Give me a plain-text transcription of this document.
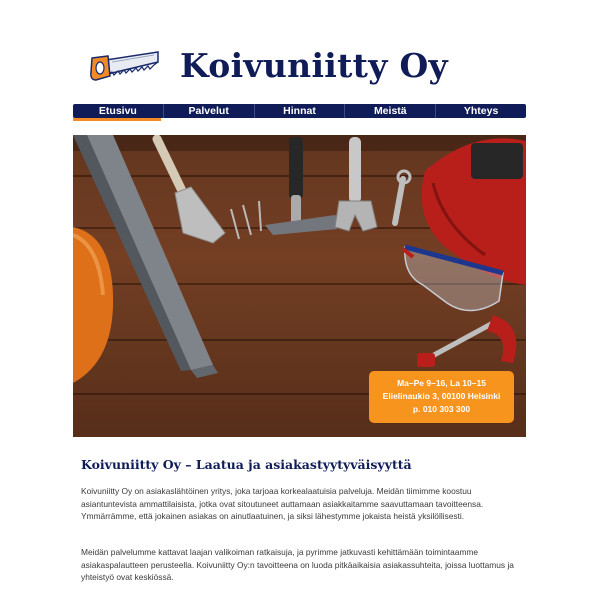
Koivuniitty Oy
Etusivu	Palvelut	Hinnat	Meistä	Yhteys
Ma–Pe 9–16, La 10–15
Elielinaukio 3, 00100 Helsinki
p. 010 303 300
Koivuniitty Oy – Laatua ja asiakastyytyväisyyttä
Koivuniitty Oy on asiakaslähtöinen yritys, joka tarjoaa korkealaatuisia palveluja. Meidän tiimimme koostuu asiantuntevista ammattilaisista, jotka ovat sitoutuneet auttamaan asiakkaitamme saavuttamaan tavoitteensa. Ymmärrämme, että jokainen asiakas on ainutlaatuinen, ja siksi lähestymme jokaista heistä yksilöllisesti.
Meidän palvelumme kattavat laajan valikoiman ratkaisuja, ja pyrimme jatkuvasti kehittämään toimintaamme asiakaspalautteen perusteella. Koivuniitty Oy:n tavoitteena on luoda pitkäaikaisia asiakassuhteita, joissa luottamus ja yhteistyö ovat keskiössä.
